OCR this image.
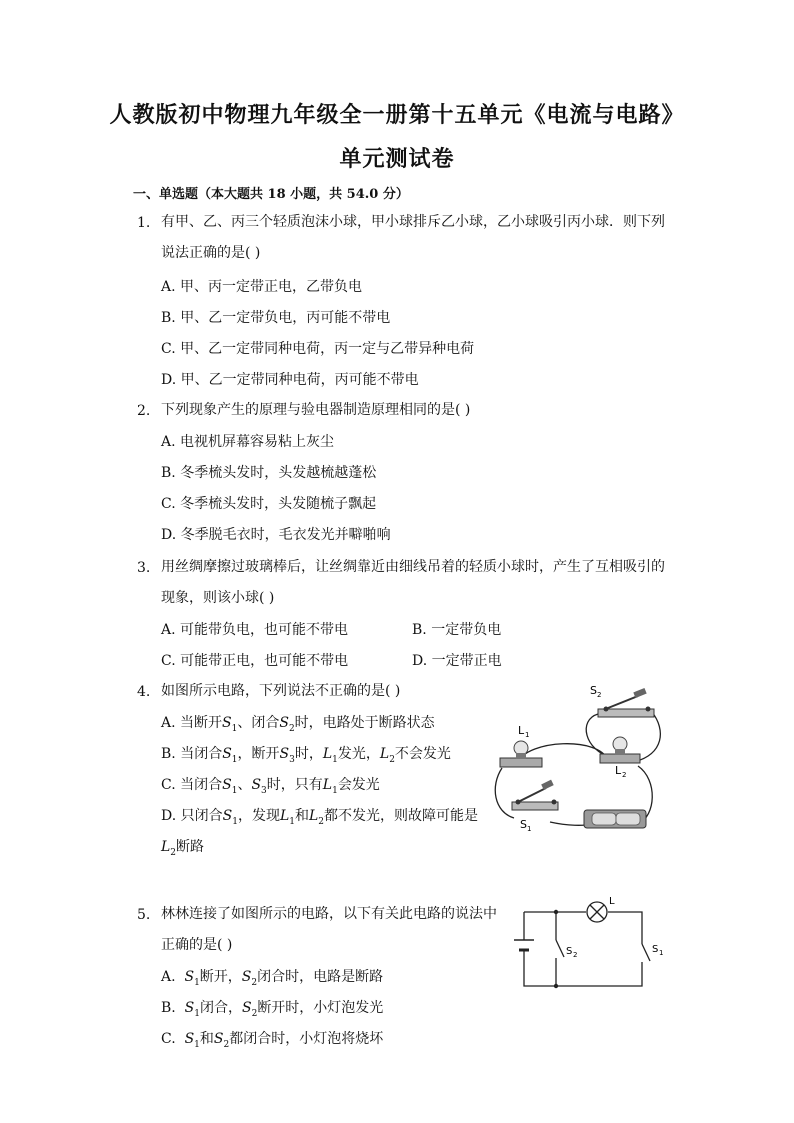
人教版初中物理九年级全一册第十五单元《电流与电路》
单元测试卷
一、单选题（本大题共 18 小题，共 54.0 分）
1. 有甲、乙、丙三个轻质泡沫小球，甲小球排斥乙小球，乙小球吸引丙小球．则下列
说法正确的是( )
A. 甲、丙一定带正电，乙带负电
B. 甲、乙一定带负电，丙可能不带电
C. 甲、乙一定带同种电荷，丙一定与乙带异种电荷
D. 甲、乙一定带同种电荷，丙可能不带电
2. 下列现象产生的原理与验电器制造原理相同的是( )
A. 电视机屏幕容易粘上灰尘
B. 冬季梳头发时，头发越梳越蓬松
C. 冬季梳头发时，头发随梳子飘起
D. 冬季脱毛衣时，毛衣发光并噼啪响
3. 用丝绸摩擦过玻璃棒后，让丝绸靠近由细线吊着的轻质小球时，产生了互相吸引的
现象，则该小球( )
A. 可能带负电，也可能不带电	B. 一定带负电
C. 可能带正电，也可能不带电	D. 一定带正电
4. 如图所示电路，下列说法不正确的是( )
A. 当断开$S_1$、闭合$S_2$时，电路处于断路状态
B. 当闭合$S_1$，断开$S_3$时，$L_1$发光，$L_2$不会发光
C. 当闭合$S_1$、$S_3$时，只有$L_1$会发光
D. 只闭合$S_1$，发现$L_1$和$L_2$都不发光，则故障可能是
$L_2$断路
S 2
L 1
L 2
S 1
5. 林林连接了如图所示的电路，以下有关此电路的说法中
正确的是( )
A. $S_1$断开，$S_2$闭合时，电路是断路
B. $S_1$闭合，$S_2$断开时，小灯泡发光
C. $S_1$和$S_2$都闭合时，小灯泡将烧坏
L
S 2	S 1
